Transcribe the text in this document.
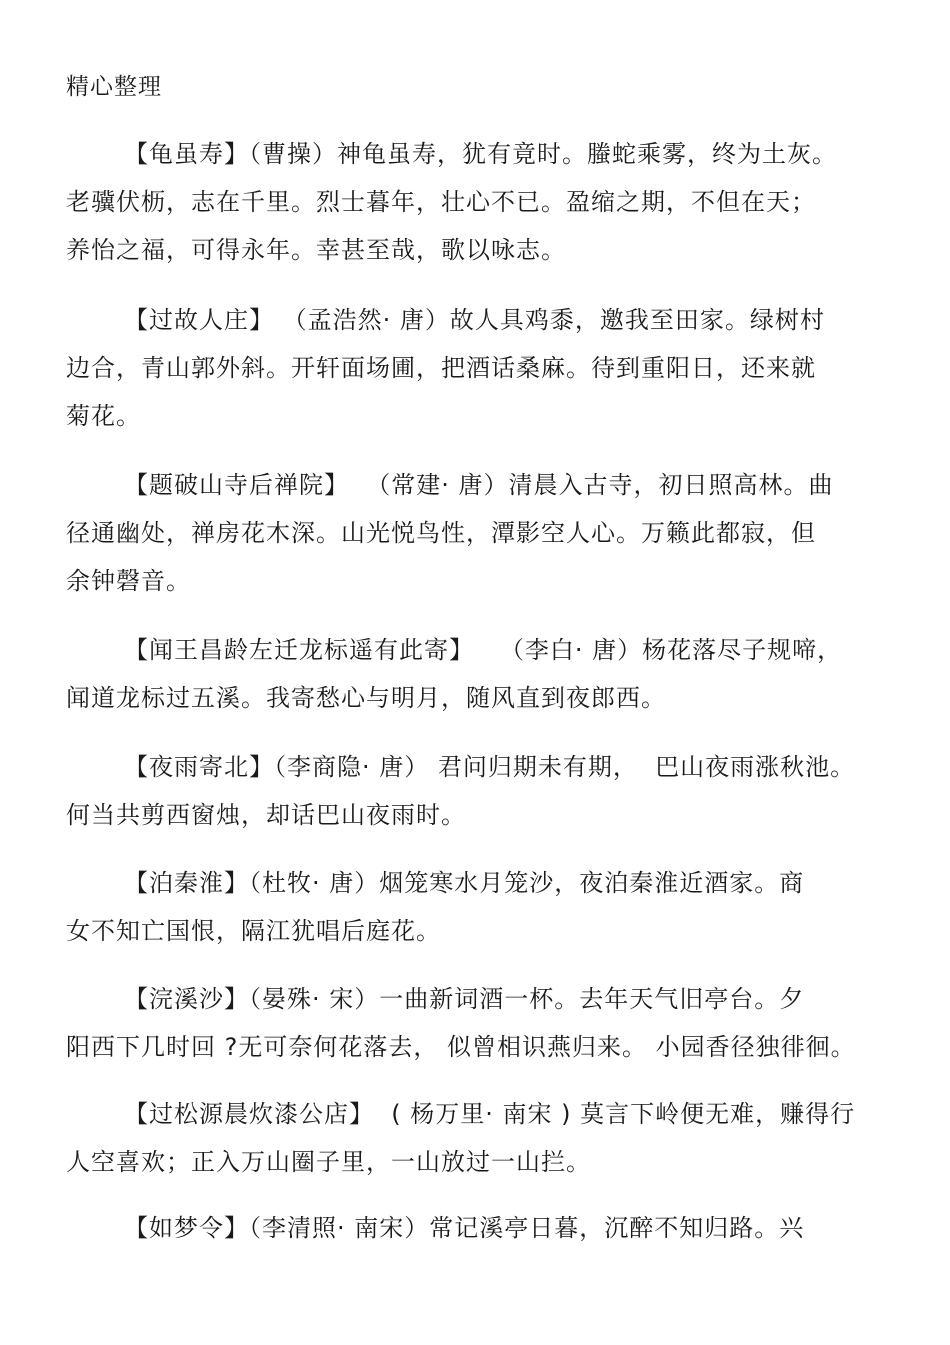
精心整理
【龟虽寿】（曹操）神龟虽寿，犹有竟时。螣蛇乘雾，终为土灰。
老骥伏枥，志在千里。烈士暮年，壮心不已。盈缩之期，不但在天；
养怡之福，可得永年。幸甚至哉，歌以咏志。
【过故人庄】 （孟浩然· 唐）故人具鸡黍，邀我至田家。绿树村
边合，青山郭外斜。开轩面场圃，把酒话桑麻。待到重阳日，还来就
菊花。
【题破山寺后禅院】  （常建· 唐）清晨入古寺，初日照高林。曲
径通幽处，禅房花木深。山光悦鸟性，潭影空人心。万籁此都寂，但
余钟磬音。
【闻王昌龄左迁龙标遥有此寄】   （李白· 唐）杨花落尽子规啼，
闻道龙标过五溪。我寄愁心与明月，随风直到夜郎西。
【夜雨寄北】（李商隐· 唐） 君问归期未有期，  巴山夜雨涨秋池。
何当共剪西窗烛，却话巴山夜雨时。
【泊秦淮】（杜牧· 唐）烟笼寒水月笼沙，夜泊秦淮近酒家。商
女不知亡国恨，隔江犹唱后庭花。
【浣溪沙】（晏殊· 宋）一曲新词酒一杯。去年天气旧亭台。夕
阳西下几时回 ?无可奈何花落去， 似曾相识燕归来。 小园香径独徘徊。
【过松源晨炊漆公店】  ( 杨万里· 南宋 ) 莫言下岭便无难，赚得行
人空喜欢；正入万山圈子里，一山放过一山拦。
【如梦令】（李清照· 南宋）常记溪亭日暮，沉醉不知归路。兴
